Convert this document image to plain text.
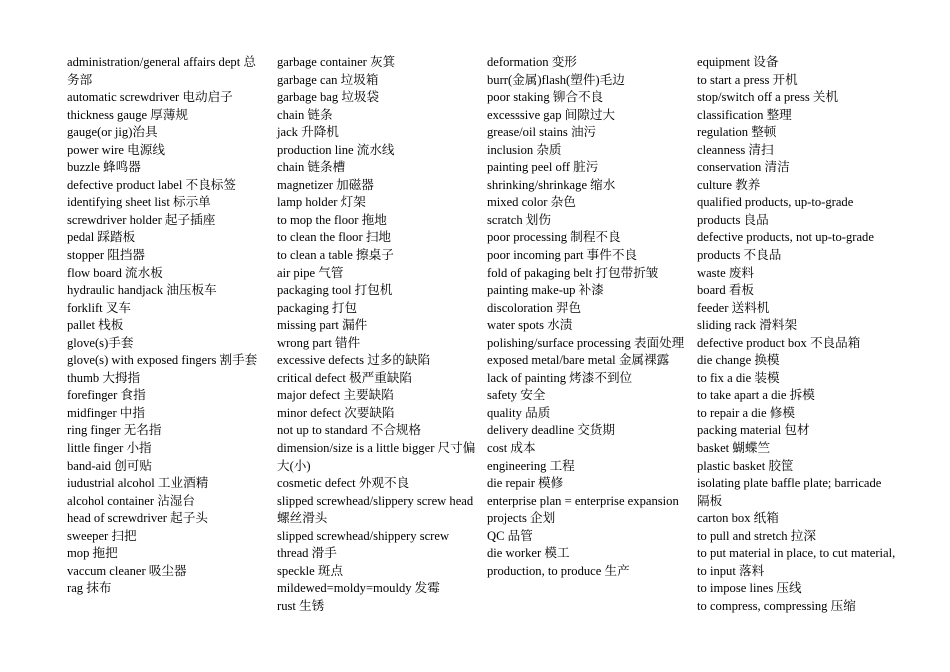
administration/general affairs dept 总务部

automatic screwdriver 电动启子

thickness gauge 厚薄规

gauge(or jig)治具

power wire 电源线

buzzle 蜂鸣器

defective product label 不良标签

identifying sheet list 标示单

screwdriver holder 起子插座

pedal 踩踏板

stopper 阻挡器

flow board 流水板

hydraulic handjack 油压板车

forklift 叉车

pallet 栈板

glove(s)手套

glove(s) with exposed fingers 割手套

thumb 大拇指

forefinger 食指

midfinger 中指

ring finger 无名指

little finger 小指

band-aid 创可贴

iudustrial alcohol 工业酒精

alcohol container 沾湿台

head of screwdriver 起子头

sweeper 扫把

mop 拖把

vaccum cleaner 吸尘器

rag 抹布

garbage container 灰箕

garbage can 垃圾箱

garbage bag 垃圾袋

chain 链条

jack 升降机

production line 流水线

chain 链条槽

magnetizer 加磁器

lamp holder 灯架

to mop the floor 拖地

to clean the floor 扫地

to clean a table 擦桌子

air pipe 气管

packaging tool 打包机

packaging 打包

missing part 漏件

wrong part 错件

excessive defects 过多的缺陷

critical defect 极严重缺陷

major defect 主要缺陷

minor defect 次要缺陷

not up to standard 不合规格

dimension/size is a little bigger 尺寸偏大(小)

cosmetic defect 外观不良

slipped screwhead/slippery screw head 螺丝滑头

slipped screwhead/shippery screw thread 滑手

speckle 斑点

mildewed=moldy=mouldy 发霉

rust 生锈

deformation 变形

burr(金属)flash(塑件)毛边

poor staking 铆合不良

excesssive gap 间隙过大

grease/oil stains 油污

inclusion 杂质

painting peel off 脏污

shrinking/shrinkage 缩水

mixed color 杂色

scratch 划伤

poor processing 制程不良

poor incoming part 事件不良

fold of pakaging belt 打包带折皱

painting make-up 补漆

discoloration 羿色

water spots 水渍

polishing/surface processing 表面处理

exposed metal/bare metal 金属裸露

lack of painting 烤漆不到位

safety 安全

quality 品质

delivery deadline 交货期

cost 成本

engineering 工程

die repair 模修

enterprise plan = enterprise expansion projects 企划

QC 品管

die worker 模工

production, to produce 生产

equipment 设备

to start a press 开机

stop/switch off a press 关机

classification 整理

regulation 整顿

cleanness 清扫

conservation 清洁

culture 教养

qualified products, up-to-grade products 良品

defective products, not up-to-grade products 不良品

waste 废料

board 看板

feeder 送料机

sliding rack 滑料架

defective product box 不良品箱

die change 换模

to fix a die 装模

to take apart a die 拆模

to repair a die 修模

packing material 包材

basket 蝴蝶竺

plastic basket 胶筐

isolating plate baffle plate; barricade 隔板

carton box 纸箱

to pull and stretch 拉深

to put material in place, to cut material, to input 落料

to impose lines 压线

to compress, compressing 压缩
